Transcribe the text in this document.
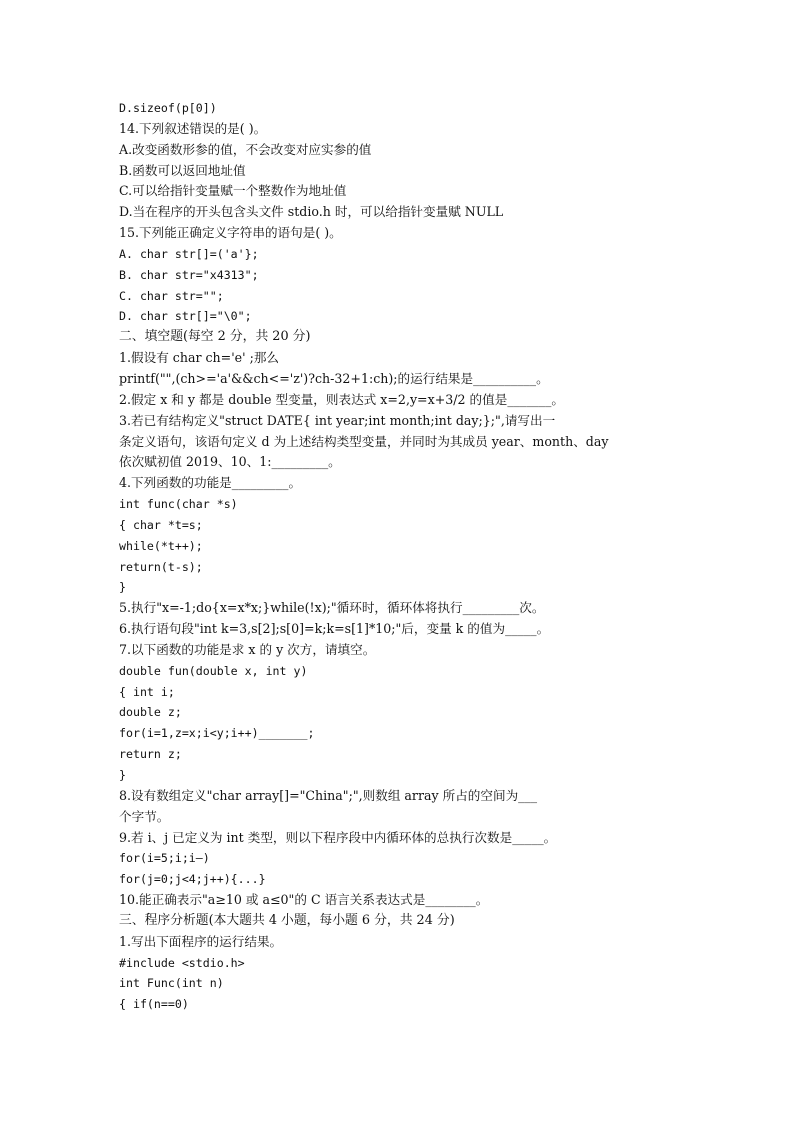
D.sizeof(p[0])
14.下列叙述错误的是( )。
A.改变函数形参的值，不会改变对应实参的值
B.函数可以返回地址值
C.可以给指针变量赋一个整数作为地址值
D.当在程序的开头包含头文件 stdio.h 时，可以给指针变量赋 NULL
15.下列能正确定义字符串的语句是( )。
A. char str[]=('a'};
B. char str="x4313";
C. char str="";
D. char str[]="\0";
二、填空题(每空 2 分，共 20 分)
1.假设有 char ch='e' ;那么
printf("",(ch>='a'&&ch<='z')?ch-32+1:ch);的运行结果是__________。
2.假定 x 和 y 都是 double 型变量，则表达式 x=2,y=x+3/2 的值是_______。
3.若已有结构定义"struct DATE{ int year;int month;int day;};",请写出一
条定义语句，该语句定义 d 为上述结构类型变量，并同时为其成员 year、month、day
依次赋初值 2019、10、1:_________。
4.下列函数的功能是_________。
int func(char *s)
{ char *t=s;
while(*t++);
return(t-s);
}
5.执行"x=-1;do{x=x*x;}while(!x);"循环时，循环体将执行_________次。
6.执行语句段"int k=3,s[2];s[0]=k;k=s[1]*10;"后，变量 k 的值为_____。
7.以下函数的功能是求 x 的 y 次方，请填空。
double fun(double x, int y)
{ int i;
double z;
for(i=1,z=x;i<y;i++)_______;
return z;
}
8.设有数组定义"char array[]="China";",则数组 array 所占的空间为___
个字节。
9.若 i、j 已定义为 int 类型，则以下程序段中内循环体的总执行次数是_____。
for(i=5;i;i—)
for(j=0;j<4;j++){...}
10.能正确表示"a≥10 或 a≤0"的 C 语言关系表达式是________。
三、程序分析题(本大题共 4 小题，每小题 6 分，共 24 分)
1.写出下面程序的运行结果。
#include <stdio.h>
int Func(int n)
{ if(n==0)
